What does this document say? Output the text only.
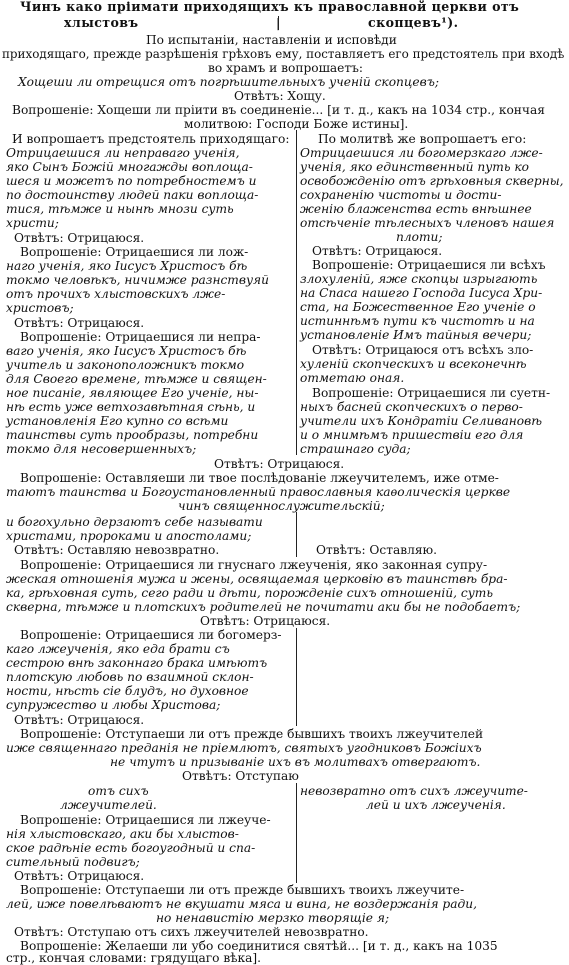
Чинъ како пріимати приходящихъ къ православной церкви отъ
хлыстовъ	|	скопцевъ¹).
По испытаніи, наставленіи и исповѣди
приходящаго, прежде разрѣшенія грѣховъ ему, поставляетъ его предстоятель при входѣ
во храмъ и вопрошаетъ:
Хощеши ли отрещися отъ погрѣшительныхъ ученій скопцевъ;
Отвѣтъ: Хощу.
Вопрошеніе: Хощеши ли пріити въ соединеніе... [и т. д., какъ на 1034 стр., кончая
молитвою: Господи Боже истины].
И вопрошаетъ предстоятель приходящаго:
Отрицаешися ли неправаго ученія,
яко Сынъ Божій многажды воплоща-
шеся и можетъ по потребностемъ и
по достоинству людей паки воплоща-
тися, тѣмже и нынѣ мнози суть
христи;
Отвѣтъ: Отрицаюся.
Вопрошеніе: Отрицаешися ли лож-
наго ученія, яко Іисусъ Христосъ бѣ
токмо человѣкъ, ничимже разнствуяй
отъ прочихъ хлыстовскихъ лже-
христовъ;
Отвѣтъ: Отрицаюся.
Вопрошеніе: Отрицаешися ли непра-
ваго ученія, яко Іисусъ Христосъ бѣ
учитель и законоположникъ токмо
для Своего времене, тѣмже и священ-
ное писаніе, являющее Его ученіе, ны-
нѣ есть уже ветхозавѣтная сѣнь, и
установленія Его купно со всѣми
таинствы суть прообразы, потребни
токмо для несовершенныхъ;
По молитвѣ же вопрошаетъ его:
Отрицаешися ли богомерзкаго лже-
ученія, яко единственный путь ко
освобожденію отъ грѣховныя скверны,
сохраненію чистоты и дости-
женію блаженства есть внѣшнее
отсѣченіе тѣлесныхъ членовъ нашея
плоти;
Отвѣтъ: Отрицаюся.
Вопрошеніе: Отрицаешися ли всѣхъ
злохуленій, яже скопцы изрыгають
на Спаса нашего Господа Іисуса Хри-
ста, на Божественное Его ученіе о
истиннѣмъ пути къ чистотѣ и на
установленіе Имъ тайныя вечери;
Отвѣтъ: Отрицаюся отъ всѣхъ зло-
хуленій скопческихъ и всеконечнѣ
отметаю оная.
Вопрошеніе: Отрицаешися ли суетн-
ныхъ басней скопческихъ о перво-
учители ихъ Кондратіи Селивановѣ
и о мнимѣмъ пришествіи его для
страшнаго суда;
Отвѣтъ: Отрицаюся.
Вопрошеніе: Оставляеши ли твое послѣдованіе лжеучителемъ, иже отме-
таютъ таинства и Богоустановленный православныя каѳолическія церкве
чинъ священнослужительскій;
и богохульно дерзаютъ себе называти
христами, пророками и апостолами;
Отвѣтъ: Оставляю невозвратно.	Отвѣтъ: Оставляю.
Вопрошеніе: Отрицаешися ли гнуснаго лжеученія, яко законная супру-
жеская отношенія мужа и жены, освящаемая церковію въ таинствѣ бра-
ка, грѣховная суть, сего ради и дѣти, порожденіе сихъ отношеній, суть
скверна, тѣмже и плотскихъ родителей не почитати аки бы не подобаетъ;
Отвѣтъ: Отрицаюся.
Вопрошеніе: Отрицаешися ли богомерз-
каго лжеученія, яко еда брати съ
сестрою внѣ законнаго брака имѣютъ
плотскую любовь по взаимной склон-
ности, нѣсть сіе блудъ, но духовное
супружество и любы Христова;
Отвѣтъ: Отрицаюся.
Вопрошеніе: Отступаеши ли отъ прежде бывшихъ твоихъ лжеучителей
иже священнаго преданія не пріемлютъ, святыхъ угодниковъ Божіихъ
не чтутъ и призываніе ихъ въ молитвахъ отвергаютъ.
Отвѣтъ: Отступаю
отъ сихъ	невозвратно отъ сихъ лжеучите-
лжеучителей.	лей и ихъ лжеученія.
Вопрошеніе: Отрицаешися ли лжеуче-
нія хлыстовскаго, аки бы хлыстов-
ское радѣніе есть богоугодный и спа-
сительный подвигъ;
Отвѣтъ: Отрицаюся.
Вопрошеніе: Отступаеши ли отъ прежде бывшихъ твоихъ лжеучите-
лей, иже повелѣваютъ не вкушати мяса и вина, не воздержанія ради,
но ненавистію мерзко творящіе я;
Отвѣтъ: Отступаю отъ сихъ лжеучителей невозвратно.
Вопрошеніе: Желаеши ли убо соединитися святѣй... [и т. д., какъ на 1035
стр., кончая словами: грядущаго вѣка].
